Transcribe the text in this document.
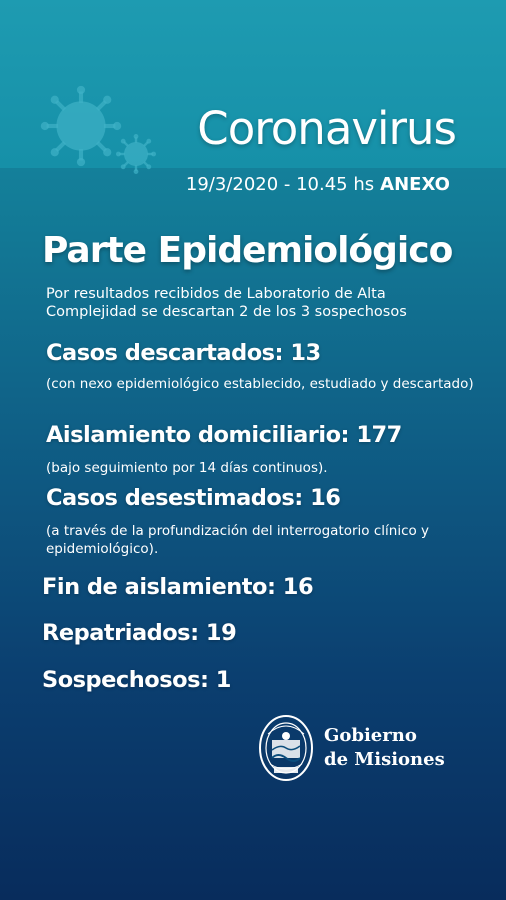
Coronavirus
19/3/2020 - 10.45 hs ANEXO
Parte Epidemiológico
Por resultados recibidos de Laboratorio de Alta Complejidad se descartan 2 de los 3 sospechosos
Casos descartados: 13
(con nexo epidemiológico establecido, estudiado y descartado)
Aislamiento domiciliario: 177
(bajo seguimiento por 14 días continuos).
Casos desestimados: 16
(a través de la profundización del interrogatorio clínico y epidemiológico).
Fin de aislamiento: 16
Repatriados: 19
Sospechosos: 1
Gobierno
de Misiones
